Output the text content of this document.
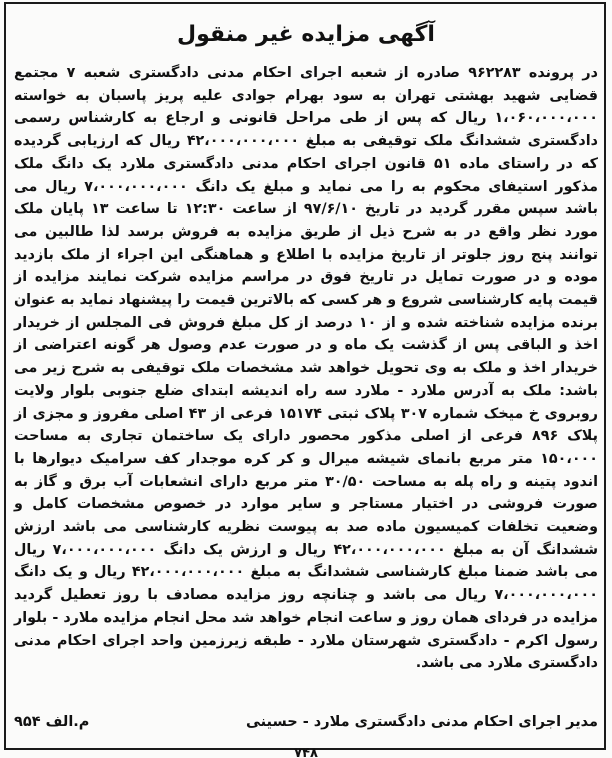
آگهی مزایده غیر منقول
در پرونده ۹۶۲۲۸۳ صادره از شعبه اجرای احکام مدنی دادگستری شعبه ۷ مجتمع قضایی شهید بهشتی تهران به سود بهرام جوادی علیه پریز پاسبان به خواسته ۱،۰۶۰،۰۰۰،۰۰۰ ریال که پس از طی مراحل قانونی و ارجاع به کارشناس رسمی دادگستری ششدانگ ملک توقیفی به مبلغ ۴۲،۰۰۰،۰۰۰،۰۰۰ ریال که ارزیابی گردیده که در راستای ماده ۵۱ قانون اجرای احکام مدنی دادگستری ملارد یک دانگ ملک مذکور استیفای محکوم به را می نماید و مبلغ یک دانگ ۷،۰۰۰،۰۰۰،۰۰۰ ریال می باشد سپس مقرر گردید در تاریخ ۹۷/۶/۱۰ از ساعت ۱۲:۳۰ تا ساعت ۱۳ پایان ملک مورد نظر واقع در به شرح ذیل از طریق مزایده به فروش برسد لذا طالبین می توانند پنج روز جلوتر از تاریخ مزایده با اطلاع و هماهنگی این اجراء از ملک بازدید موده و در صورت تمایل در تاریخ فوق در مراسم مزایده شرکت نمایند مزایده از قیمت پایه کارشناسی شروع و هر کسی که بالاترین قیمت را پیشنهاد نماید به عنوان برنده مزایده شناخته شده و از ۱۰ درصد از کل مبلغ فروش فی المجلس از خریدار اخذ و الباقی پس از گذشت یک ماه و در صورت عدم وصول هر گونه اعتراضی از خریدار اخذ و ملک به وی تحویل خواهد شد مشخصات ملک توقیفی به شرح زیر می باشد: ملک به آدرس ملارد - ملارد سه راه اندیشه ابتدای ضلع جنوبی بلوار ولایت روبروی خ میخک شماره ۳۰۷ پلاک ثبتی ۱۵۱۷۴ فرعی از ۴۳ اصلی مفروز و مجزی از پلاک ۸۹۶ فرعی از اصلی مذکور محصور دارای یک ساختمان تجاری به مساحت ۱۵۰،۰۰۰ متر مربع بانمای شیشه میرال و کر کره موجدار کف سرامیک دیوارها با اندود پتینه و راه پله به مساحت ۳۰/۵۰ متر مربع دارای انشعابات آب برق و گاز به صورت فروشی در اختیار مستاجر و سایر موارد در خصوص مشخصات کامل و وضعیت تخلفات کمیسیون ماده صد به پیوست نظریه کارشناسی می باشد ارزش ششدانگ آن به مبلغ ۴۲،۰۰۰،۰۰۰،۰۰۰ ریال و ارزش یک دانگ ۷،۰۰۰،۰۰۰،۰۰۰ ریال می باشد ضمنا مبلغ کارشناسی ششدانگ به مبلغ ۴۲،۰۰۰،۰۰۰،۰۰۰ ریال و یک دانگ ۷،۰۰۰،۰۰۰،۰۰۰ ریال می باشد و چنانچه روز مزایده مصادف با روز تعطیل گردید مزایده در فردای همان روز و ساعت انجام خواهد شد محل انجام مزایده ملارد - بلوار رسول اکرم - دادگستری شهرستان ملارد - طبقه زیرزمین واحد اجرای احکام مدنی دادگستری ملارد می باشد.
مدیر اجرای احکام مدنی دادگستری ملارد - حسینی
م.الف ۹۵۴
۷۴۸
